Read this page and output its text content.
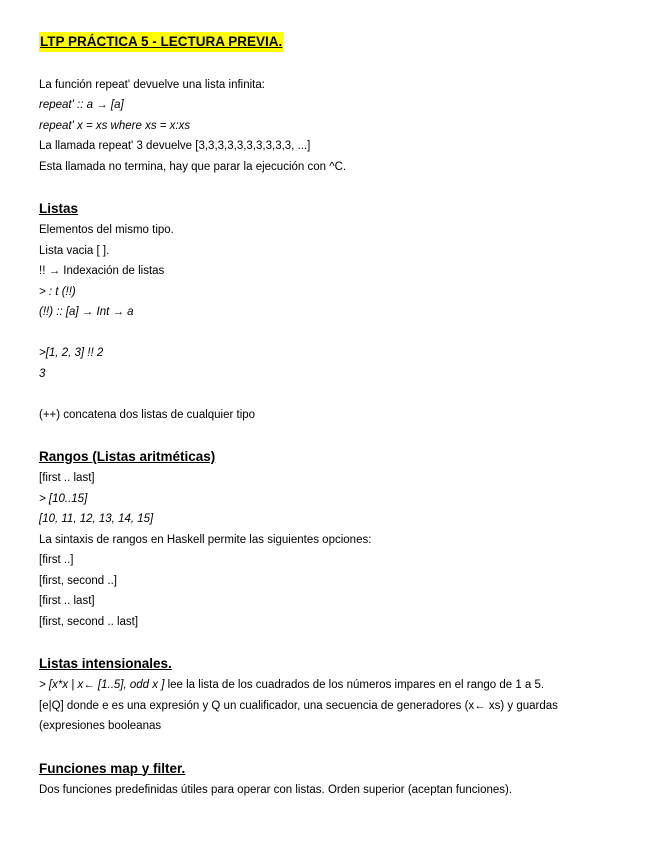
LTP PRÁCTICA 5 - LECTURA PREVIA.
La función repeat' devuelve una lista infinita:
repeat' :: a → [a]
repeat' x = xs where xs = x:xs
La llamada repeat' 3 devuelve [3,3,3,3,3,3,3,3,3,3, ...]
Esta llamada no termina, hay que parar la ejecución con ^C.
Listas
Elementos del mismo tipo.
Lista vacia [ ].
!! → Indexación de listas
> : t (!!)
(!!) :: [a] → Int → a
>[1, 2, 3] !! 2
3
(++) concatena dos listas de cualquier tipo
Rangos (Listas aritméticas)
[first .. last]
> [10..15]
[10, 11, 12, 13, 14, 15]
La sintaxis de rangos en Haskell permite las siguientes opciones:
[first ..]
[first, second ..]
[first .. last]
[first, second .. last]
Listas intensionales.
> [x*x | x← [1..5], odd x ] lee la lista de los cuadrados de los números impares en el rango de 1 a 5.
[e|Q] donde e es una expresión y Q un cualificador, una secuencia de generadores (x← xs) y guardas
(expresiones booleanas
Funciones map y filter.
Dos funciones predefinidas útiles para operar con listas. Orden superior (aceptan funciones).
